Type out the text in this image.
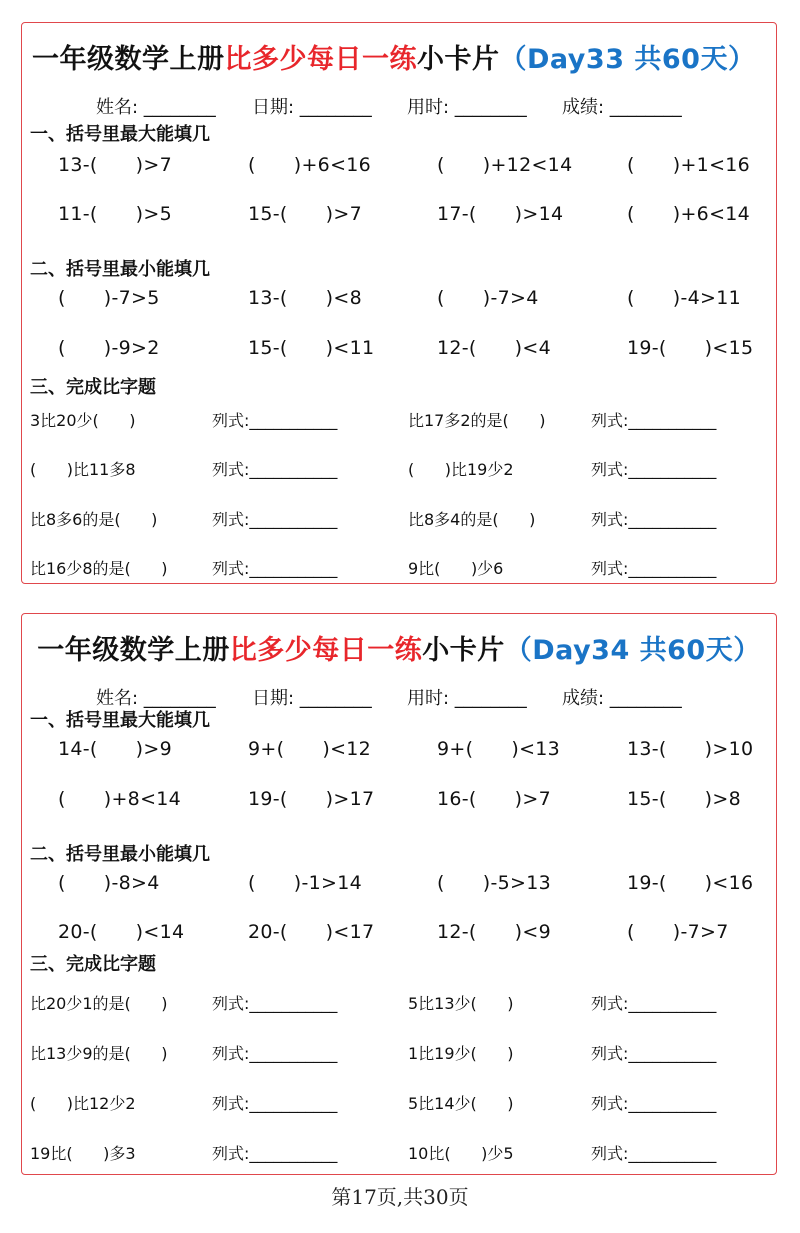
一年级数学上册比多少每日一练小卡片（Day33 共60天）
姓名: ________ 日期: ________ 用时: ________ 成绩: ________
一、括号里最大能填几
13-(      )>7	(      )+6<16	(      )+12<14	(      )+1<16
11-(      )>5	15-(      )>7	17-(      )>14	(      )+6<14
二、括号里最小能填几
(      )-7>5	13-(      )<8	(      )-7>4	(      )-4>11
(      )-9>2	15-(      )<11	12-(      )<4	19-(      )<15
三、完成比字题
3比20少(      )	列式:___________	比17多2的是(      )	列式:___________
(      )比11多8	列式:___________	(      )比19少2	列式:___________
比8多6的是(      )	列式:___________	比8多4的是(      )	列式:___________
比16少8的是(      )	列式:___________	9比(      )少6	列式:___________
一年级数学上册比多少每日一练小卡片（Day34 共60天）
姓名: ________ 日期: ________ 用时: ________ 成绩: ________
一、括号里最大能填几
14-(      )>9	9+(      )<12	9+(      )<13	13-(      )>10
(      )+8<14	19-(      )>17	16-(      )>7	15-(      )>8
二、括号里最小能填几
(      )-8>4	(      )-1>14	(      )-5>13	19-(      )<16
20-(      )<14	20-(      )<17	12-(      )<9	(      )-7>7
三、完成比字题
比20少1的是(      )	列式:___________	5比13少(      )	列式:___________
比13少9的是(      )	列式:___________	1比19少(      )	列式:___________
(      )比12少2	列式:___________	5比14少(      )	列式:___________
19比(      )多3	列式:___________	10比(      )少5	列式:___________
第17页,共30页
